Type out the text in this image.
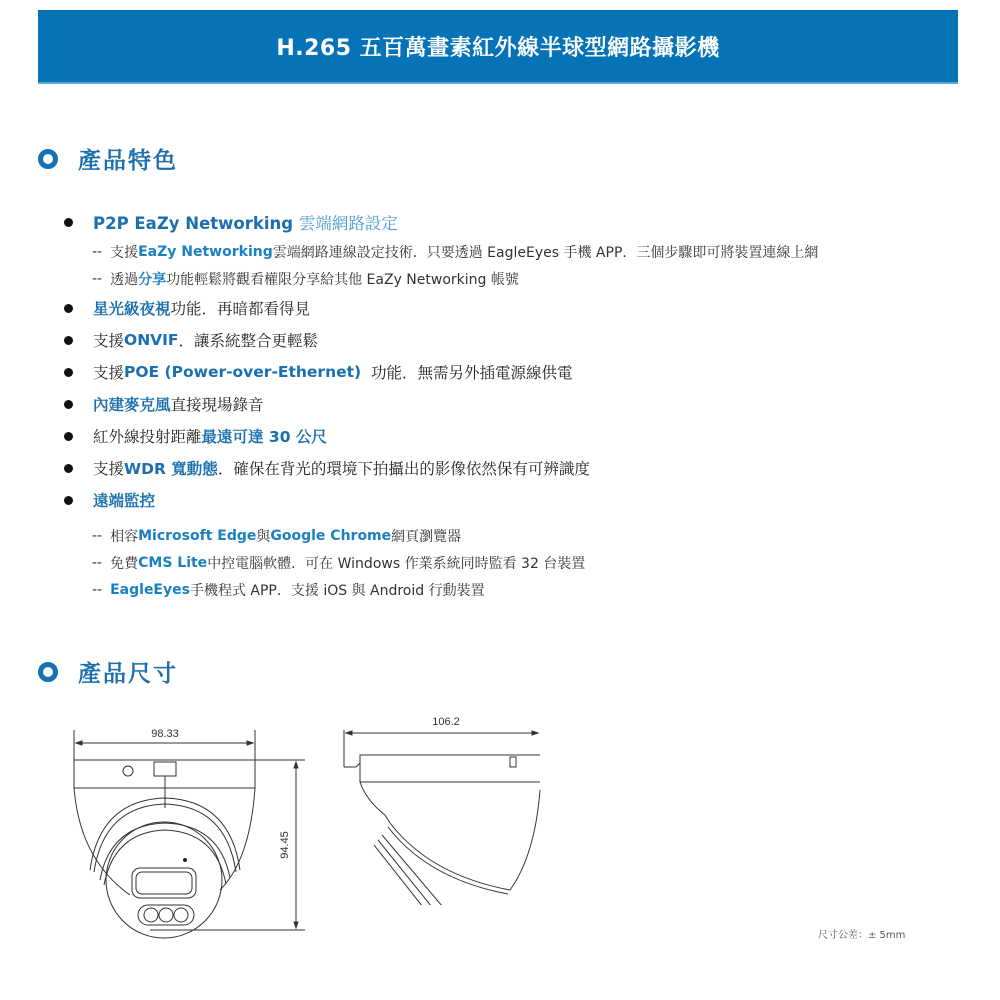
H.265 五百萬畫素紅外線半球型網路攝影機
產品特色
P2P EaZy Networking 雲端網路設定
-- 支援 EaZy Networking 雲端網路連線設定技術．只要透過 EagleEyes 手機 APP．三個步驟即可將裝置連線上網
-- 透過 分享 功能輕鬆將觀看權限分享給其他 EaZy Networking 帳號
星光級夜視 功能．再暗都看得見
支援 ONVIF ．讓系統整合更輕鬆
支援 POE (Power-over-Ethernet) 功能．無需另外插電源線供電
內建麥克風 直接現場錄音
紅外線投射距離 最遠可達 30 公尺
支援 WDR 寬動態 ．確保在背光的環境下拍攝出的影像依然保有可辨識度
遠端監控
-- 相容 Microsoft Edge 與 Google Chrome 網頁瀏覽器
-- 免費 CMS Lite 中控電腦軟體．可在 Windows 作業系統同時監看 32 台裝置
-- EagleEyes 手機程式 APP．支援 iOS 與 Android 行動裝置
產品尺寸
98.33
94.45
106.2
尺寸公差：± 5mm
